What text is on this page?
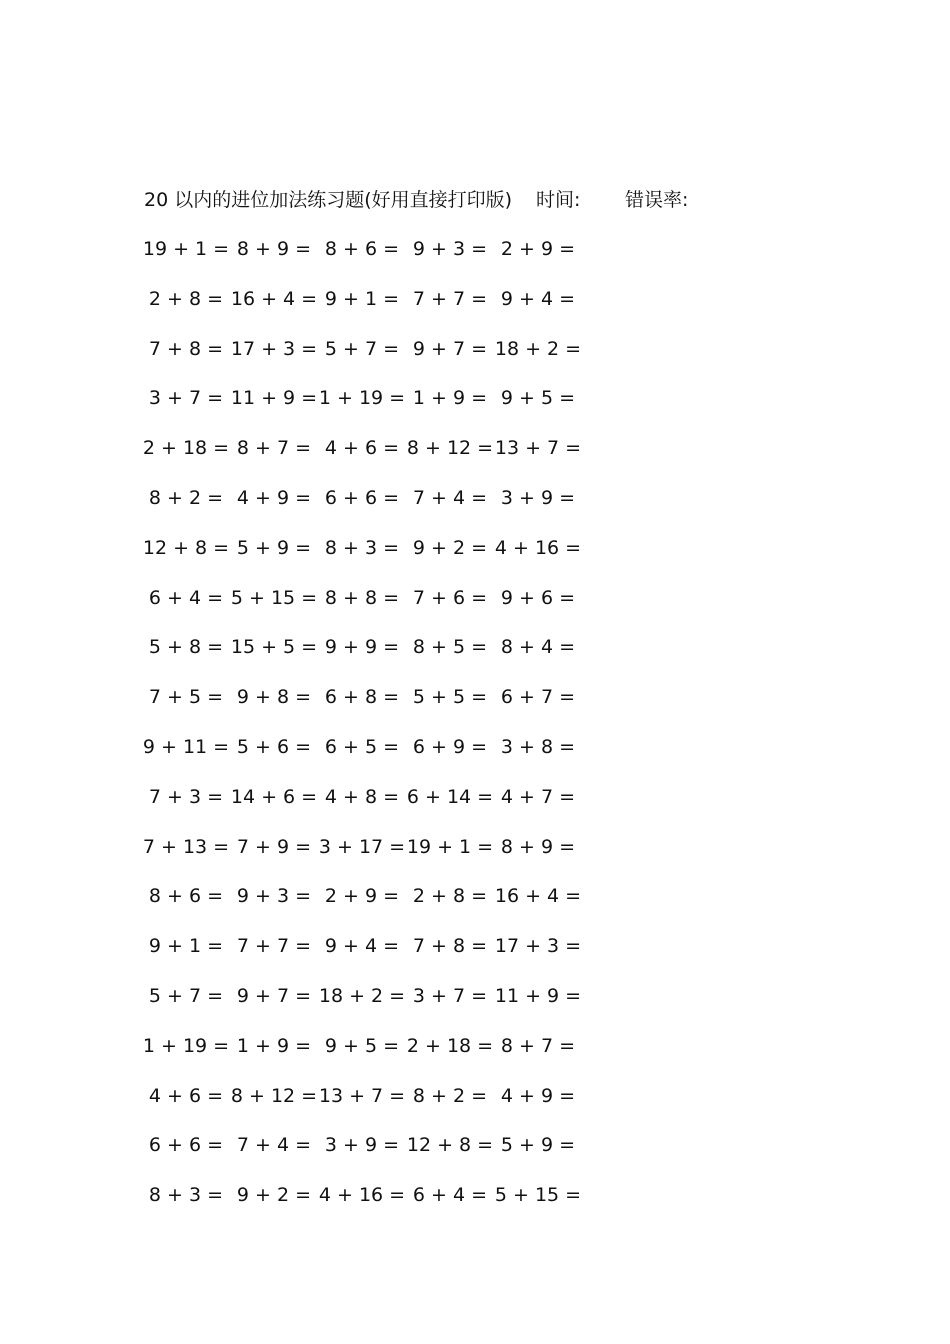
20 以内的进位加法练习题(好用直接打印版) 时间: 错误率:
19 + 1 = 8 + 9 = 8 + 6 = 9 + 3 = 2 + 9 =
2 + 8 = 16 + 4 = 9 + 1 = 7 + 7 = 9 + 4 =
7 + 8 = 17 + 3 = 5 + 7 = 9 + 7 = 18 + 2 =
3 + 7 = 11 + 9 = 1 + 19 = 1 + 9 = 9 + 5 =
2 + 18 = 8 + 7 = 4 + 6 = 8 + 12 = 13 + 7 =
8 + 2 = 4 + 9 = 6 + 6 = 7 + 4 = 3 + 9 =
12 + 8 = 5 + 9 = 8 + 3 = 9 + 2 = 4 + 16 =
6 + 4 = 5 + 15 = 8 + 8 = 7 + 6 = 9 + 6 =
5 + 8 = 15 + 5 = 9 + 9 = 8 + 5 = 8 + 4 =
7 + 5 = 9 + 8 = 6 + 8 = 5 + 5 = 6 + 7 =
9 + 11 = 5 + 6 = 6 + 5 = 6 + 9 = 3 + 8 =
7 + 3 = 14 + 6 = 4 + 8 = 6 + 14 = 4 + 7 =
7 + 13 = 7 + 9 = 3 + 17 = 19 + 1 = 8 + 9 =
8 + 6 = 9 + 3 = 2 + 9 = 2 + 8 = 16 + 4 =
9 + 1 = 7 + 7 = 9 + 4 = 7 + 8 = 17 + 3 =
5 + 7 = 9 + 7 = 18 + 2 = 3 + 7 = 11 + 9 =
1 + 19 = 1 + 9 = 9 + 5 = 2 + 18 = 8 + 7 =
4 + 6 = 8 + 12 = 13 + 7 = 8 + 2 = 4 + 9 =
6 + 6 = 7 + 4 = 3 + 9 = 12 + 8 = 5 + 9 =
8 + 3 = 9 + 2 = 4 + 16 = 6 + 4 = 5 + 15 =
